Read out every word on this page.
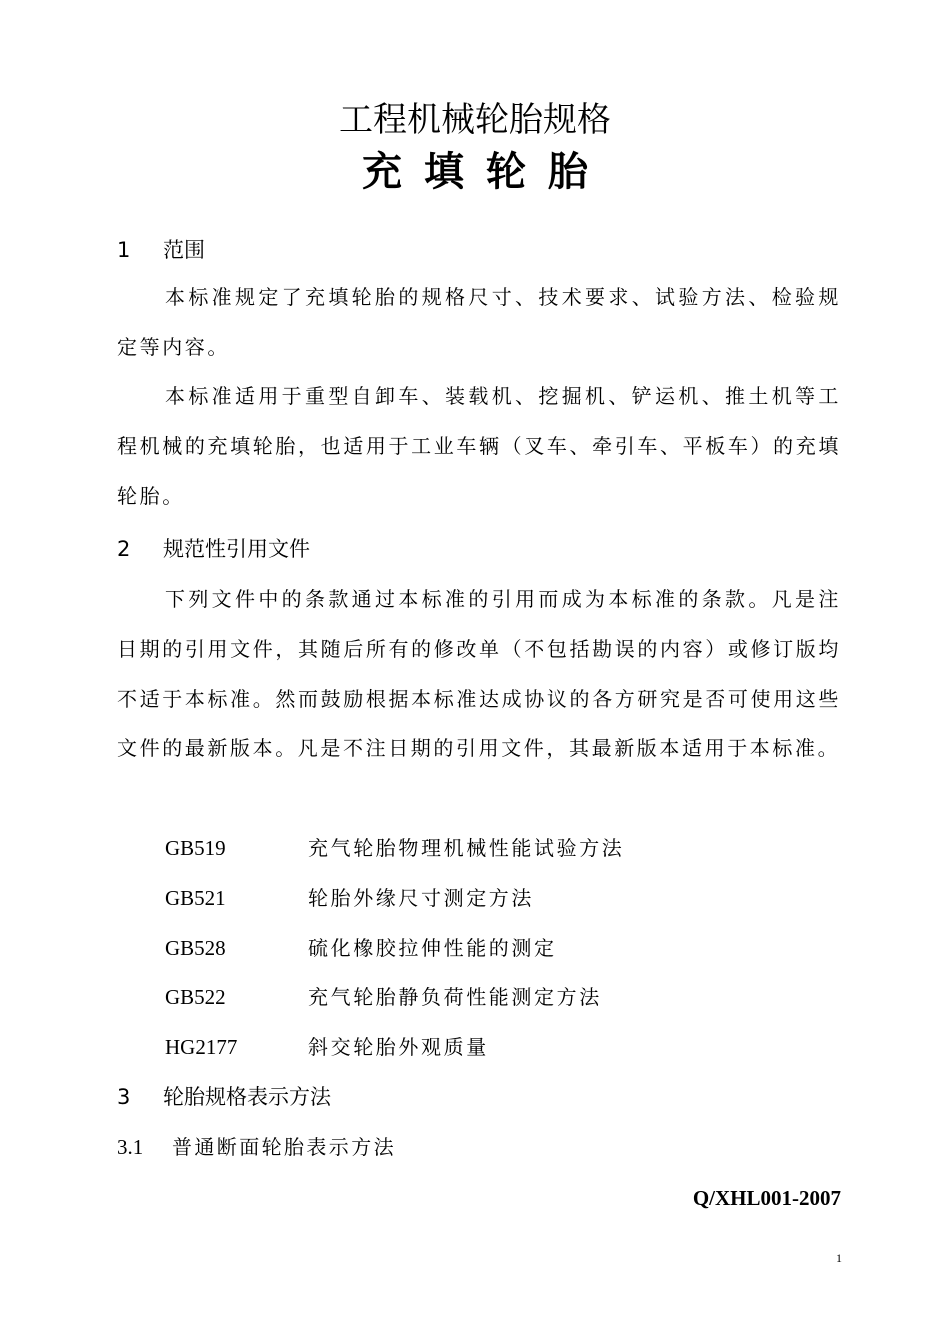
工程机械轮胎规格
充填轮胎
1 范围

本标准规定了充填轮胎的规格尺寸、技术要求、试验方法、检验规定等内容。

本标准适用于重型自卸车、装载机、挖掘机、铲运机、推土机等工程机械的充填轮胎，也适用于工业车辆（叉车、牵引车、平板车）的充填轮胎。

2 规范性引用文件

下列文件中的条款通过本标准的引用而成为本标准的条款。凡是注日期的引用文件，其随后所有的修改单（不包括勘误的内容）或修订版均不适于本标准。然而鼓励根据本标准达成协议的各方研究是否可使用这些文件的最新版本。凡是不注日期的引用文件，其最新版本适用于本标准。

GB519	充气轮胎物理机械性能试验方法
GB521	轮胎外缘尺寸测定方法
GB528	硫化橡胶拉伸性能的测定
GB522	充气轮胎静负荷性能测定方法
HG2177	斜交轮胎外观质量
3 轮胎规格表示方法
3.1 普通断面轮胎表示方法
Q/XHL001-2007
1
